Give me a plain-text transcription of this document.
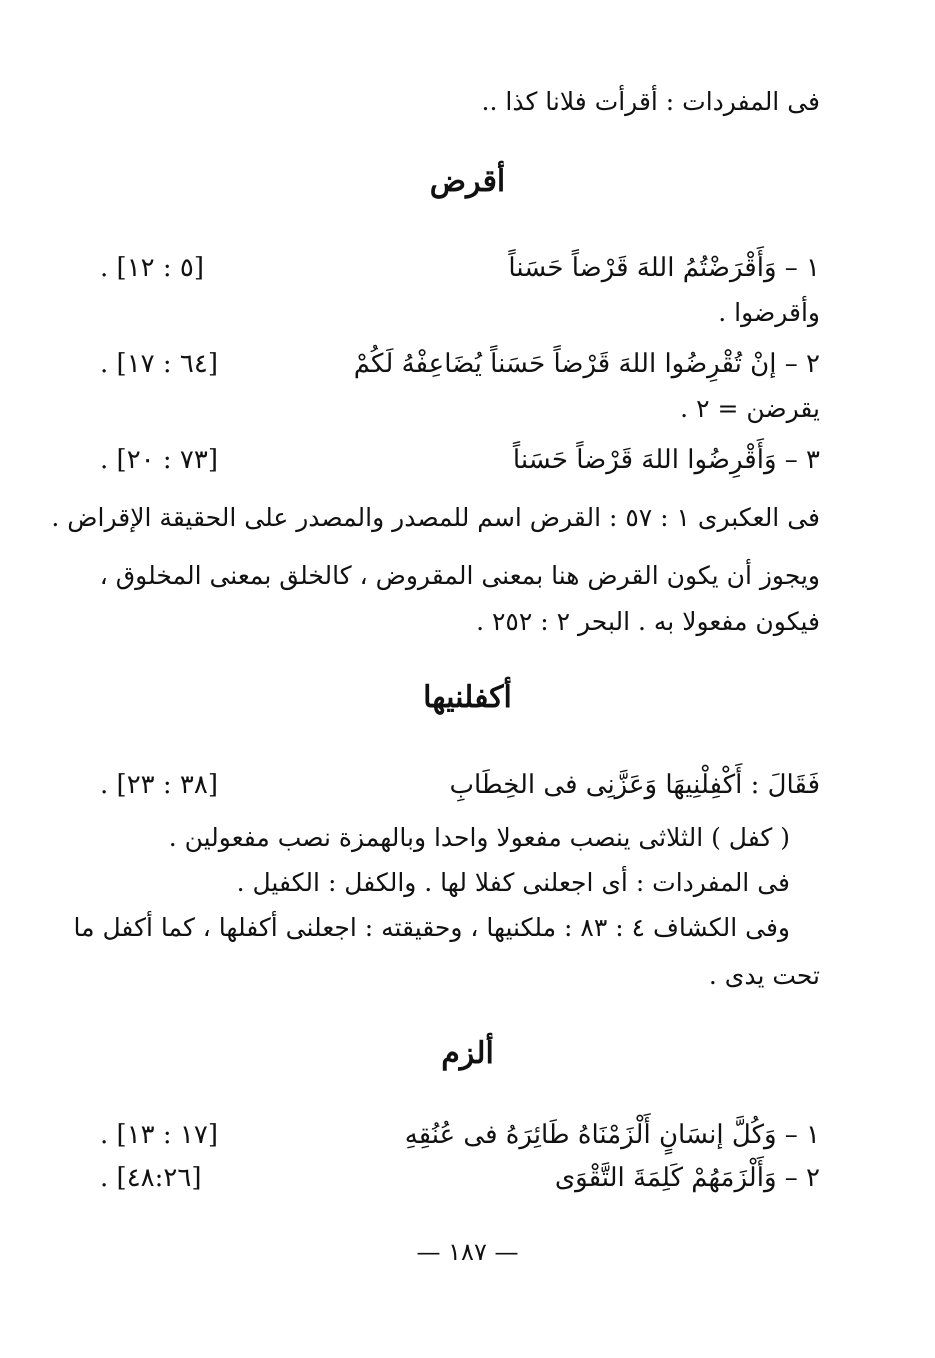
فى المفردات : أقرأت فلانا كذا ..
أقرض
١ – وَأَقْرَضْتُمُ اللهَ قَرْضاً حَسَناً
[٥ : ١٢] .
وأقرضوا .
٢ – إنْ تُقْرِضُوا اللهَ قَرْضاً حَسَناً يُضَاعِفْهُ لَكُمْ
[٦٤ : ١٧] .
يقرضن = ٢ .
٣ – وَأَقْرِضُوا اللهَ قَرْضاً حَسَناً
[٧٣ : ٢٠] .
فى العكبرى ١ : ٥٧ : القرض اسم للمصدر والمصدر على الحقيقة الإقراض .
ويجوز أن يكون القرض هنا بمعنى المقروض ، كالخلق بمعنى المخلوق ،
فيكون مفعولا به . البحر ٢ : ٢٥٢ .
أكفلنيها
فَقَالَ : أَكْفِلْنِيهَا وَعَزَّنِى فى الخِطَابِ
[٣٨ : ٢٣] .
( كفل ) الثلاثى ينصب مفعولا واحدا وبالهمزة نصب مفعولين .
فى المفردات : أى اجعلنى كفلا لها . والكفل : الكفيل .
وفى الكشاف ٤ : ٨٣ : ملكنيها ، وحقيقته : اجعلنى أكفلها ، كما أكفل ما
تحت يدى .
ألزم
١ – وَكُلَّ إنسَانٍ أَلْزَمْنَاهُ طَائِرَهُ فى عُنُقِهِ
[١٧ : ١٣] .
٢ – وَأَلْزَمَهُمْ كَلِمَةَ التَّقْوَى
[٤٨:٢٦] .
— ١٨٧ —
